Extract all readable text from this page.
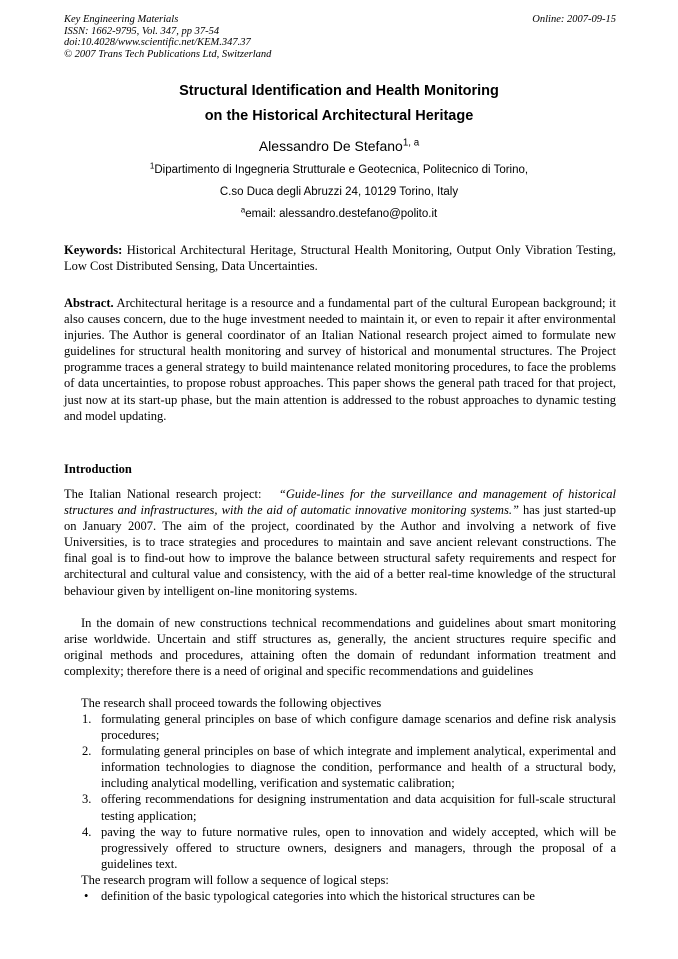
Key Engineering Materials
ISSN: 1662-9795, Vol. 347, pp 37-54
doi:10.4028/www.scientific.net/KEM.347.37
© 2007 Trans Tech Publications Ltd, Switzerland
Online: 2007-09-15
Structural Identification and Health Monitoring
on the Historical Architectural Heritage
Alessandro De Stefano$^{1, a}$
$^1$Dipartimento di Ingegneria Strutturale e Geotecnica, Politecnico di Torino,
C.so Duca degli Abruzzi 24, 10129 Torino, Italy
$^a$email: alessandro.destefano@polito.it

Keywords: Historical Architectural Heritage, Structural Health Monitoring, Output Only Vibration Testing, Low Cost Distributed Sensing, Data Uncertainties.

Abstract. Architectural heritage is a resource and a fundamental part of the cultural European background; it also causes concern, due to the huge investment needed to maintain it, or even to repair it after environmental injuries. The Author is general coordinator of an Italian National research project aimed to formulate new guidelines for structural health monitoring and survey of historical and monumental structures. The Project programme traces a general strategy to build maintenance related monitoring procedures, to face the problems of data uncertainties, to propose robust approaches. This paper shows the general path traced for that project, just now at its start-up phase, but the main attention is addressed to the robust approaches to dynamic testing and model updating.

Introduction

The Italian National research project: “Guide-lines for the surveillance and management of historical structures and infrastructures, with the aid of automatic innovative monitoring systems.” has just started-up on January 2007. The aim of the project, coordinated by the Author and involving a network of five Universities, is to trace strategies and procedures to maintain and save ancient relevant constructions. The final goal is to find-out how to improve the balance between structural safety requirements and respect for architectural and cultural value and consistency, with the aid of a better real-time knowledge of the structural behaviour given by intelligent on-line monitoring systems.

In the domain of new constructions technical recommendations and guidelines about smart monitoring arise worldwide. Uncertain and stiff structures as, generally, the ancient structures require specific and original methods and procedures, attaining often the domain of redundant information treatment and complexity; therefore there is a need of original and specific recommendations and guidelines

The research shall proceed towards the following objectives

1. formulating general principles on base of which configure damage scenarios and define risk analysis procedures;
2. formulating general principles on base of which integrate and implement analytical, experimental and information technologies to diagnose the condition, performance and health of a structural body, including analytical modelling, verification and systematic calibration;
3. offering recommendations for designing instrumentation and data acquisition for full-scale structural testing application;
4. paving the way to future normative rules, open to innovation and widely accepted, which will be progressively offered to structure owners, designers and managers, through the proposal of a guidelines text.

The research program will follow a sequence of logical steps:

• definition of the basic typological categories into which the historical structures can be
